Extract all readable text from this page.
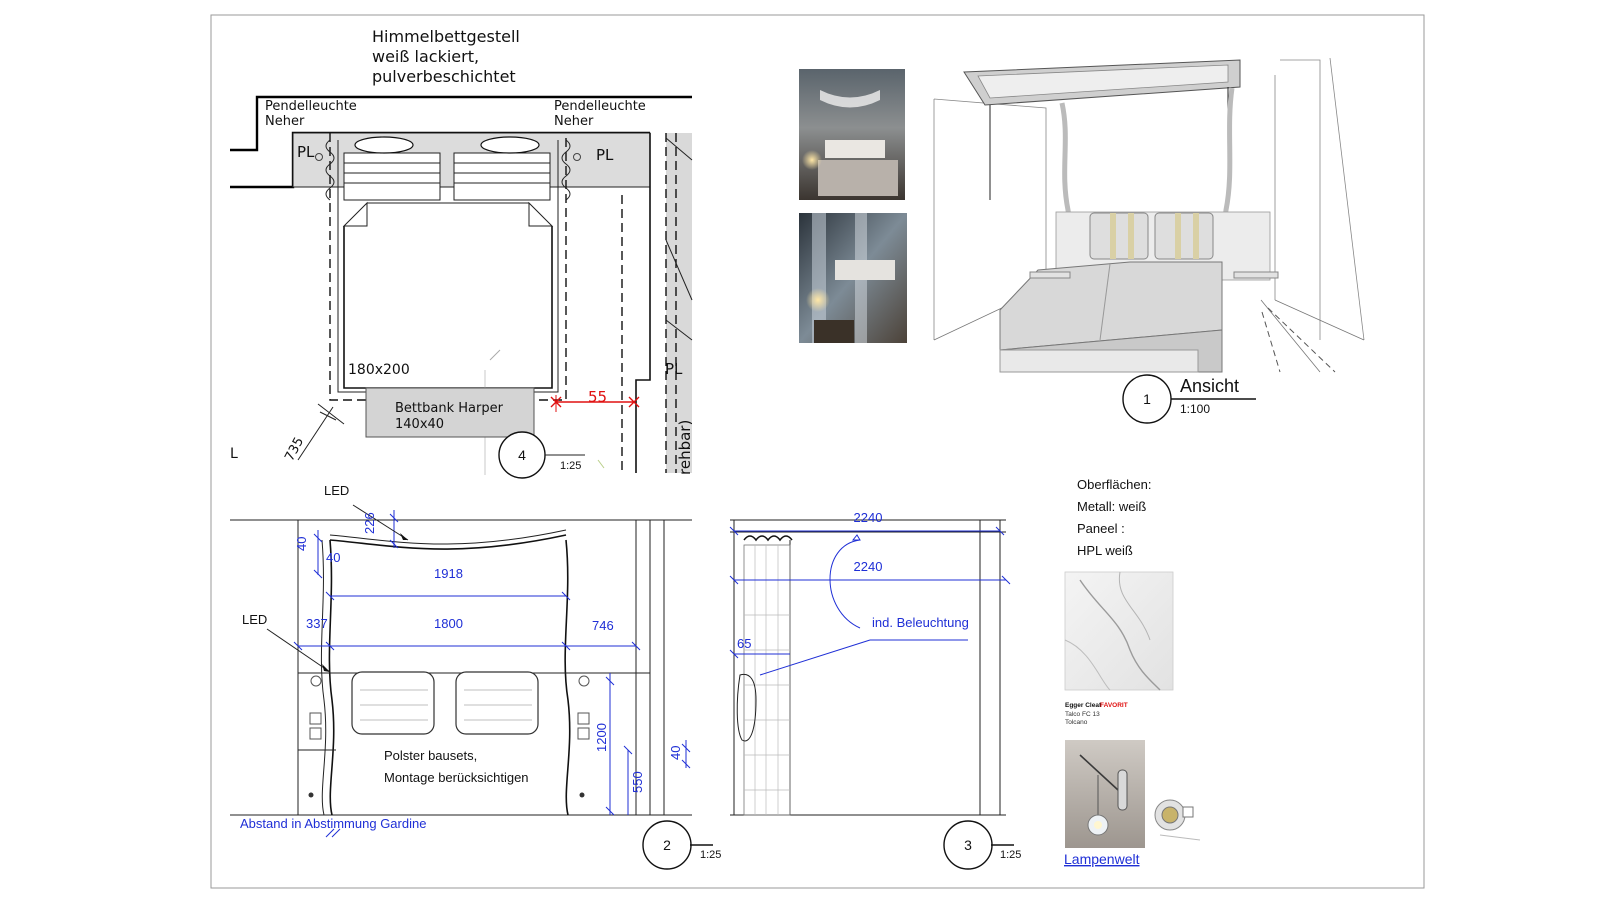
Himmelbettgestell
weiß lackiert,
pulverbeschichtet
Pendelleuchte
Neher
Pendelleuchte
Neher
PL	PL
PL
180x200
Bettbank Harper
140x40
55
735
L	rehbar)
4
1:25
1
Ansicht
1:100
LED
LED
226
40
40
1918
337	1800	746
1200
550
40
Polster bausets,
Montage berücksichtigen
Abstand in Abstimmung Gardine
2
1:25
2240
2240
65
ind. Beleuchtung
3
1:25
Oberflächen:
Metall: weiß
Paneel :
HPL weiß
Egger Cleaf
FAVORIT
Talco FC 13
Tolcano
Lampenwelt
